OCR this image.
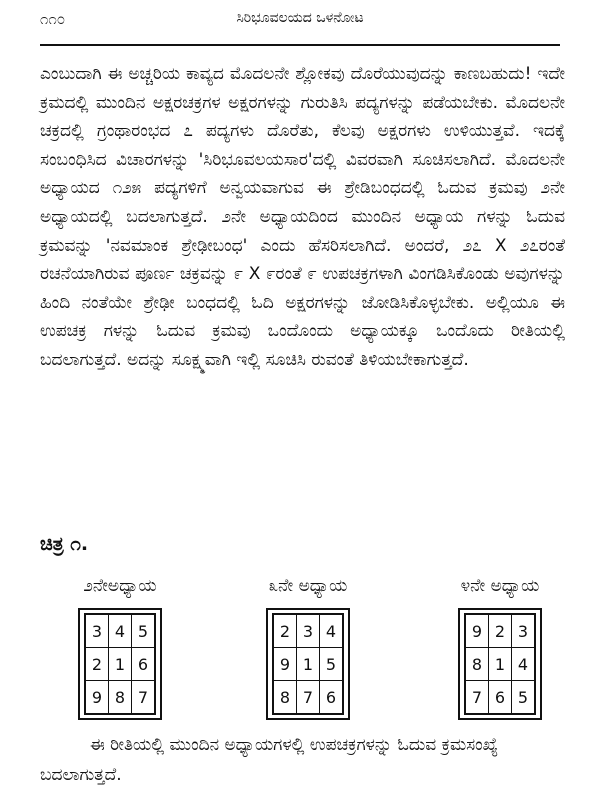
೧೧೦	ಸಿರಿಭೂವಲಯದ ಒಳನೋಟ

ಎಂಬುದಾಗಿ ಈ ಅಚ್ಚರಿಯ ಕಾವ್ಯದ ಮೊದಲನೇ ಶ್ಲೋಕವು ದೊರೆಯುವುದನ್ನು ಕಾಣಬಹುದು! ಇದೇ ಕ್ರಮದಲ್ಲಿ ಮುಂದಿನ ಅಕ್ಷರಚಕ್ರಗಳ ಅಕ್ಷರಗಳನ್ನು ಗುರುತಿಸಿ ಪದ್ಯಗಳನ್ನು ಪಡೆಯಬೇಕು. ಮೊದಲನೇ ಚಕ್ರದಲ್ಲಿ ಗ್ರಂಥಾರಂಭದ ೭ ಪದ್ಯಗಳು ದೊರೆತು, ಕೆಲವು ಅಕ್ಷರಗಳು ಉಳಿಯುತ್ತವೆ. ಇದಕ್ಕೆ ಸಂಬಂಧಿಸಿದ ವಿಚಾರಗಳನ್ನು 'ಸಿರಿಭೂವಲಯಸಾರ'ದಲ್ಲಿ ವಿವರವಾಗಿ ಸೂಚಿಸಲಾಗಿದೆ. ಮೊದಲನೇ ಅಧ್ಯಾಯದ ೧೨೫ ಪದ್ಯಗಳಿಗೆ ಅನ್ವಯವಾಗುವ ಈ ಶ್ರೇಡಿಬಂಧದಲ್ಲಿ ಓದುವ ಕ್ರಮವು ೨ನೇ ಅಧ್ಯಾಯದಲ್ಲಿ ಬದಲಾಗುತ್ತದೆ. ೨ನೇ ಅಧ್ಯಾಯದಿಂದ ಮುಂದಿನ ಅಧ್ಯಾಯ ಗಳನ್ನು ಓದುವ ಕ್ರಮವನ್ನು 'ನವಮಾಂಕ ಶ್ರೇಢೀಬಂಧ' ಎಂದು ಹೆಸರಿಸಲಾಗಿದೆ. ಅಂದರೆ, ೨೭ X ೨೭ರಂತೆ ರಚನೆಯಾಗಿರುವ ಪೂರ್ಣ ಚಕ್ರವನ್ನು ೯ X ೯ರಂತೆ ೯ ಉಪಚಕ್ರಗಳಾಗಿ ವಿಂಗಡಿಸಿಕೊಂಡು ಅವುಗಳನ್ನು ಹಿಂದಿ ನಂತೆಯೇ ಶ್ರೇಢೀ ಬಂಧದಲ್ಲಿ ಓದಿ ಅಕ್ಷರಗಳನ್ನು ಜೋಡಿಸಿಕೊಳ್ಳಬೇಕು. ಅಲ್ಲಿಯೂ ಈ ಉಪಚಕ್ರ ಗಳನ್ನು ಓದುವ ಕ್ರಮವು ಒಂದೊಂದು ಅಧ್ಯಾಯಕ್ಕೂ ಒಂದೊದು ರೀತಿಯಲ್ಲಿ ಬದಲಾಗುತ್ತದೆ. ಅದನ್ನು ಸೂಕ್ಷ್ಮವಾಗಿ ಇಲ್ಲಿ ಸೂಚಿಸಿ ರುವಂತೆ ತಿಳಿಯಬೇಕಾಗುತ್ತದೆ.

ಚಿತ್ರ ೧.
೨ನೇಅಧ್ಯಾಯ
3	4	5
2	1	6
9	8	7
೩ನೇ ಅಧ್ಯಾಯ
2	3	4
9	1	5
8	7	6
೪ನೇ ಅಧ್ಯಾಯ
9	2	3
8	1	4
7	6	5

ಈ ರೀತಿಯಲ್ಲಿ ಮುಂದಿನ ಅಧ್ಯಾಯಗಳಲ್ಲಿ ಉಪಚಕ್ರಗಳನ್ನು ಓದುವ ಕ್ರಮಸಂಖ್ಯೆ ಬದಲಾಗುತ್ತದೆ.
